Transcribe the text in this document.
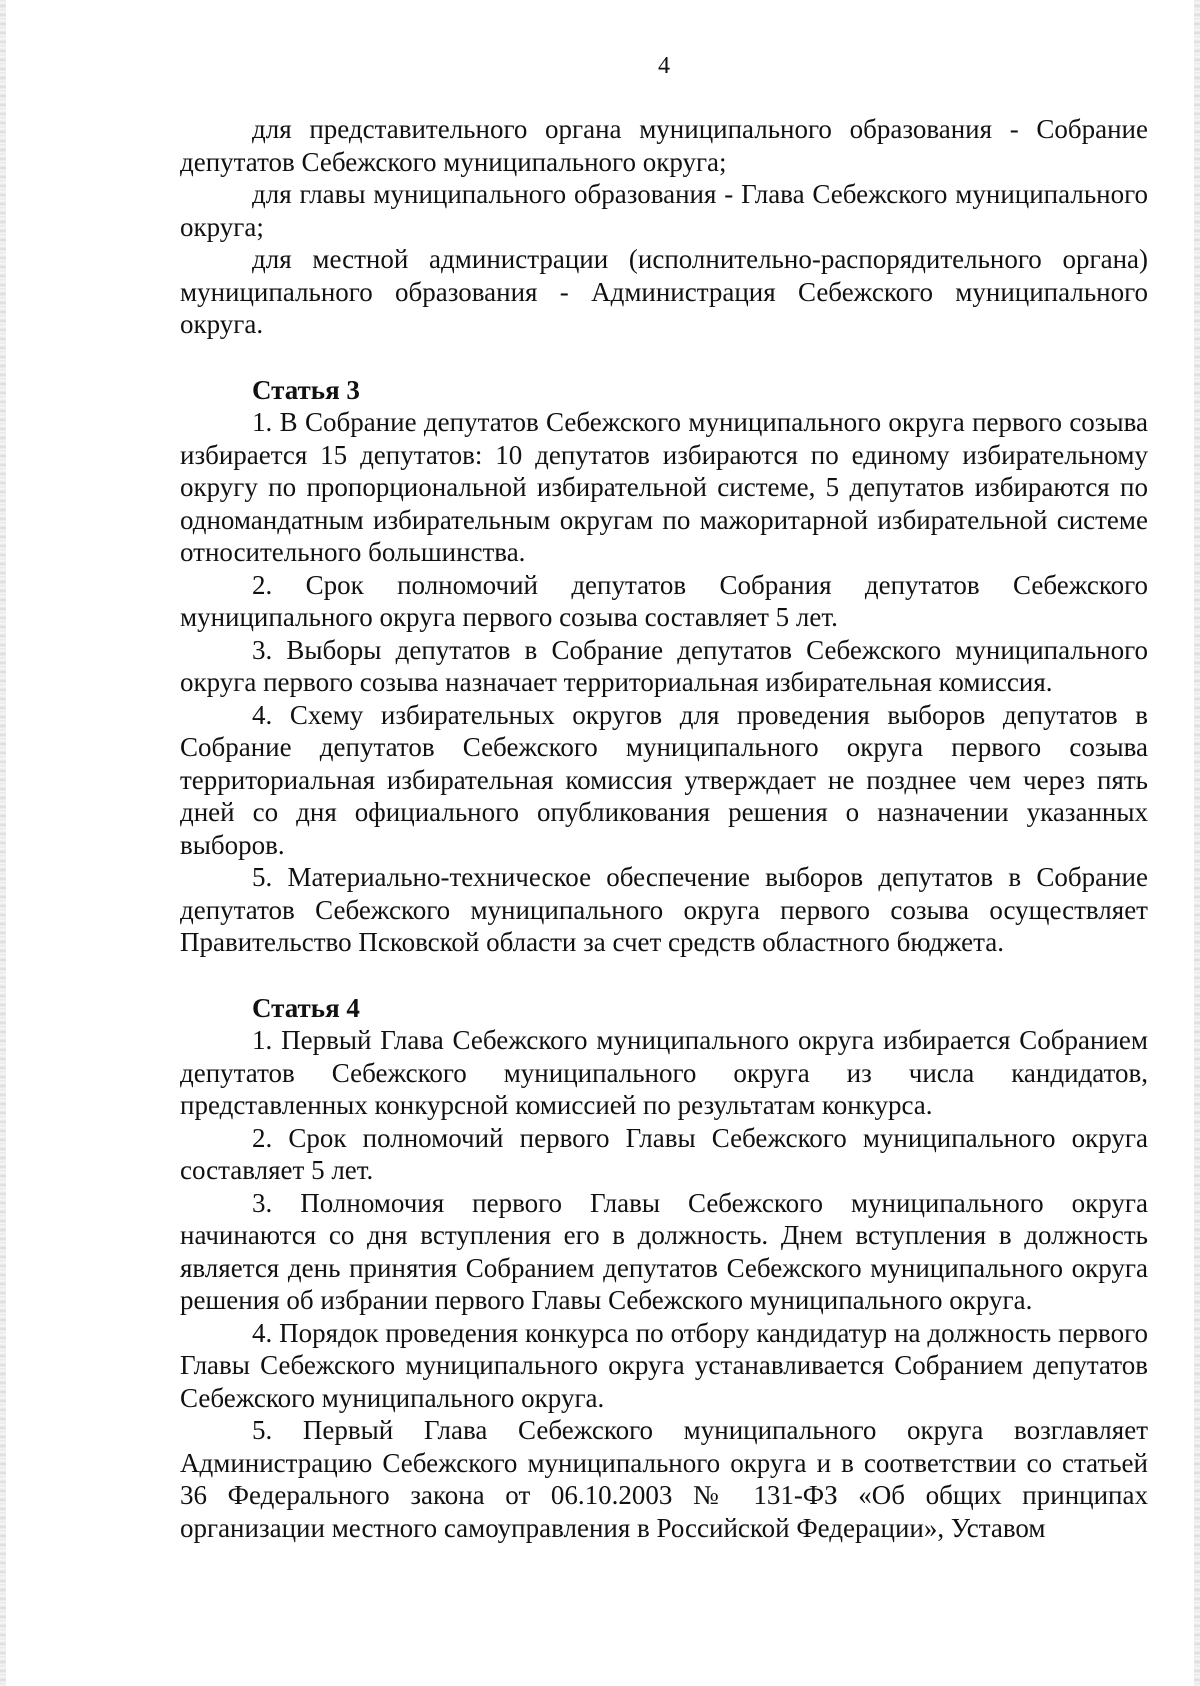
4

для представительного органа муниципального образования - Собрание депутатов Себежского муниципального округа;

для главы муниципального образования - Глава Себежского муниципального округа;

для местной администрации (исполнительно-распорядительного органа) муниципального образования - Администрация Себежского муниципального округа.

Статья 3

1. В Собрание депутатов Себежского муниципального округа первого созыва избирается 15 депутатов: 10 депутатов избираются по единому избирательному округу по пропорциональной избирательной системе, 5 депутатов избираются по одномандатным избирательным округам по мажоритарной избирательной системе относительного большинства.

2. Срок полномочий депутатов Собрания депутатов Себежского муниципального округа первого созыва составляет 5 лет.

3. Выборы депутатов в Собрание депутатов Себежского муниципального округа первого созыва назначает территориальная избирательная комиссия.

4. Схему избирательных округов для проведения выборов депутатов в Собрание депутатов Себежского муниципального округа первого созыва территориальная избирательная комиссия утверждает не позднее чем через пять дней со дня официального опубликования решения о назначении указанных выборов.

5. Материально-техническое обеспечение выборов депутатов в Собрание депутатов Себежского муниципального округа первого созыва осуществляет Правительство Псковской области за счет средств областного бюджета.

Статья 4

1. Первый Глава Себежского муниципального округа избирается Собранием депутатов Себежского муниципального округа из числа кандидатов, представленных конкурсной комиссией по результатам конкурса.

2. Срок полномочий первого Главы Себежского муниципального округа составляет 5 лет.

3. Полномочия первого Главы Себежского муниципального округа начинаются со дня вступления его в должность. Днем вступления в должность является день принятия Собранием депутатов Себежского муниципального округа решения об избрании первого Главы Себежского муниципального округа.

4. Порядок проведения конкурса по отбору кандидатур на должность первого Главы Себежского муниципального округа устанавливается Собранием депутатов Себежского муниципального округа.

5. Первый Глава Себежского муниципального округа возглавляет Администрацию Себежского муниципального округа и в соответствии со статьей 36 Федерального закона от 06.10.2003 № 131-ФЗ «Об общих принципах организации местного самоуправления в Российской Федерации», Уставом
